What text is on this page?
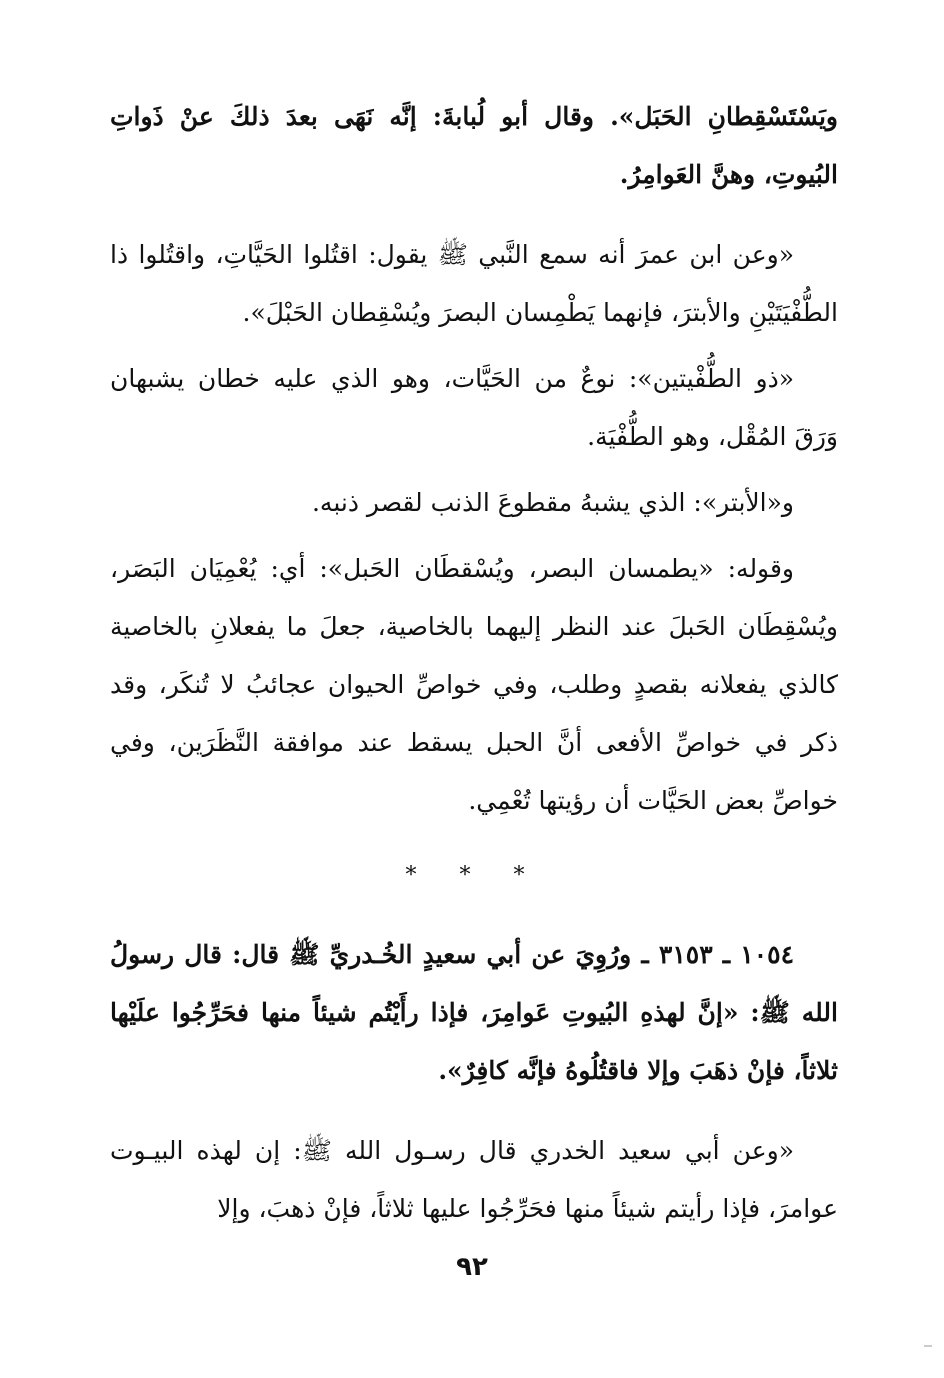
ويَسْتَسْقِطانِ الحَبَل». وقال أبو لُبابةَ: إنَّه نَهَى بعدَ ذلكَ عنْ ذَواتِ البُيوتِ، وهنَّ العَوامِرُ.

«وعن ابن عمرَ أنه سمع النَّبي ﷺ يقول: اقتُلوا الحَيَّاتِ، واقتُلوا ذا الطُّفْيَتَيْنِ والأبترَ، فإنهما يَطْمِسان البصرَ ويُسْقِطان الحَبْلَ».

«ذو الطُّفْيتين»: نوعٌ من الحَيَّات، وهو الذي عليه خطان يشبهان وَرَقَ المُقْل، وهو الطُّفْيَة.

و«الأبتر»: الذي يشبهُ مقطوعَ الذنب لقصر ذنبه.

وقوله: «يطمسان البصر، ويُسْقطَان الحَبل»: أي: يُعْمِيَان البَصَر، ويُسْقِطَان الحَبلَ عند النظر إليهما بالخاصية، جعلَ ما يفعلانِ بالخاصية كالذي يفعلانه بقصدٍ وطلب، وفي خواصِّ الحيوان عجائبُ لا تُنكَر، وقد ذكر في خواصِّ الأفعى أنَّ الحبل يسقط عند موافقة النَّظَرَين، وفي خواصِّ بعض الحَيَّات أن رؤيتها تُعْمِي.

* * *

١٠٥٤ ـ ٣١٥٣ ـ ورُوِيَ عن أبي سعيدٍ الخُـدريِّ ﷺ قال: قال رسولُ الله ﷺ: «إنَّ لهذهِ البُيوتِ عَوامِرَ، فإذا رأَيْتُم شيئاً منها فحَرِّجُوا علَيْها ثلاثاً، فإنْ ذهَبَ وإلا فاقتُلُوهُ فإنَّه كافِرٌ».

«وعن أبي سعيد الخدري قال رسـول الله ﷺ: إن لهذه البيـوت عوامرَ، فإذا رأيتم شيئاً منها فحَرِّجُوا عليها ثلاثاً، فإنْ ذهبَ، وإلا

٩٢
